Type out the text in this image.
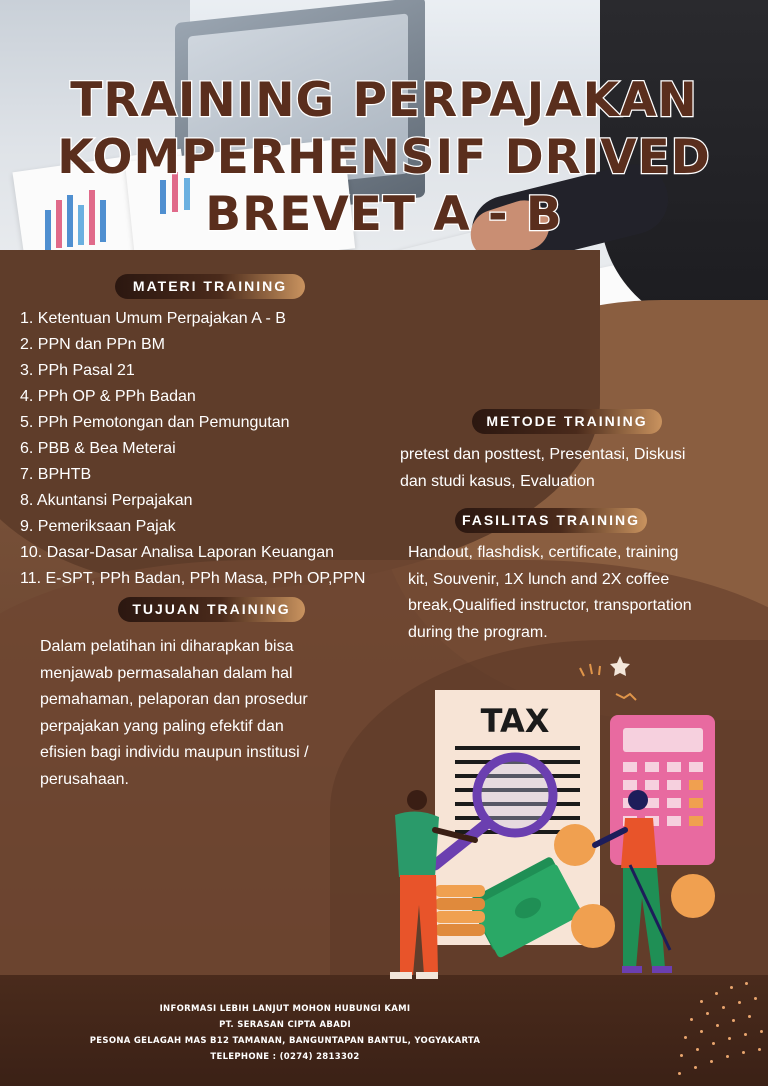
TRAINING PERPAJAKAN
KOMPERHENSIF DRIVED
BREVET A - B
MATERI TRAINING
1. Ketentuan Umum Perpajakan A - B
2. PPN dan PPn BM
3. PPh Pasal 21
4. PPh OP & PPh Badan
5. PPh Pemotongan dan Pemungutan
6. PBB & Bea Meterai
7. BPHTB
8. Akuntansi Perpajakan
9. Pemeriksaan Pajak
10. Dasar-Dasar Analisa Laporan Keuangan
11. E-SPT, PPh Badan, PPh Masa, PPh OP,PPN
METODE TRAINING
pretest dan posttest, Presentasi, Diskusi
dan studi kasus, Evaluation
FASILITAS TRAINING
Handout, flashdisk, certificate, training
kit, Souvenir, 1X lunch and 2X coffee
break,Qualified instructor, transportation
during the program.
TUJUAN TRAINING
Dalam pelatihan ini diharapkan bisa
menjawab permasalahan dalam hal
pemahaman, pelaporan dan prosedur
perpajakan yang paling efektif dan
efisien bagi individu maupun institusi /
perusahaan.
TAX
INFORMASI LEBIH LANJUT MOHON HUBUNGI KAMI
PT. SERASAN CIPTA ABADI
PESONA GELAGAH MAS B12 TAMANAN, BANGUNTAPAN BANTUL, YOGYAKARTA
TELEPHONE : (0274) 2813302
